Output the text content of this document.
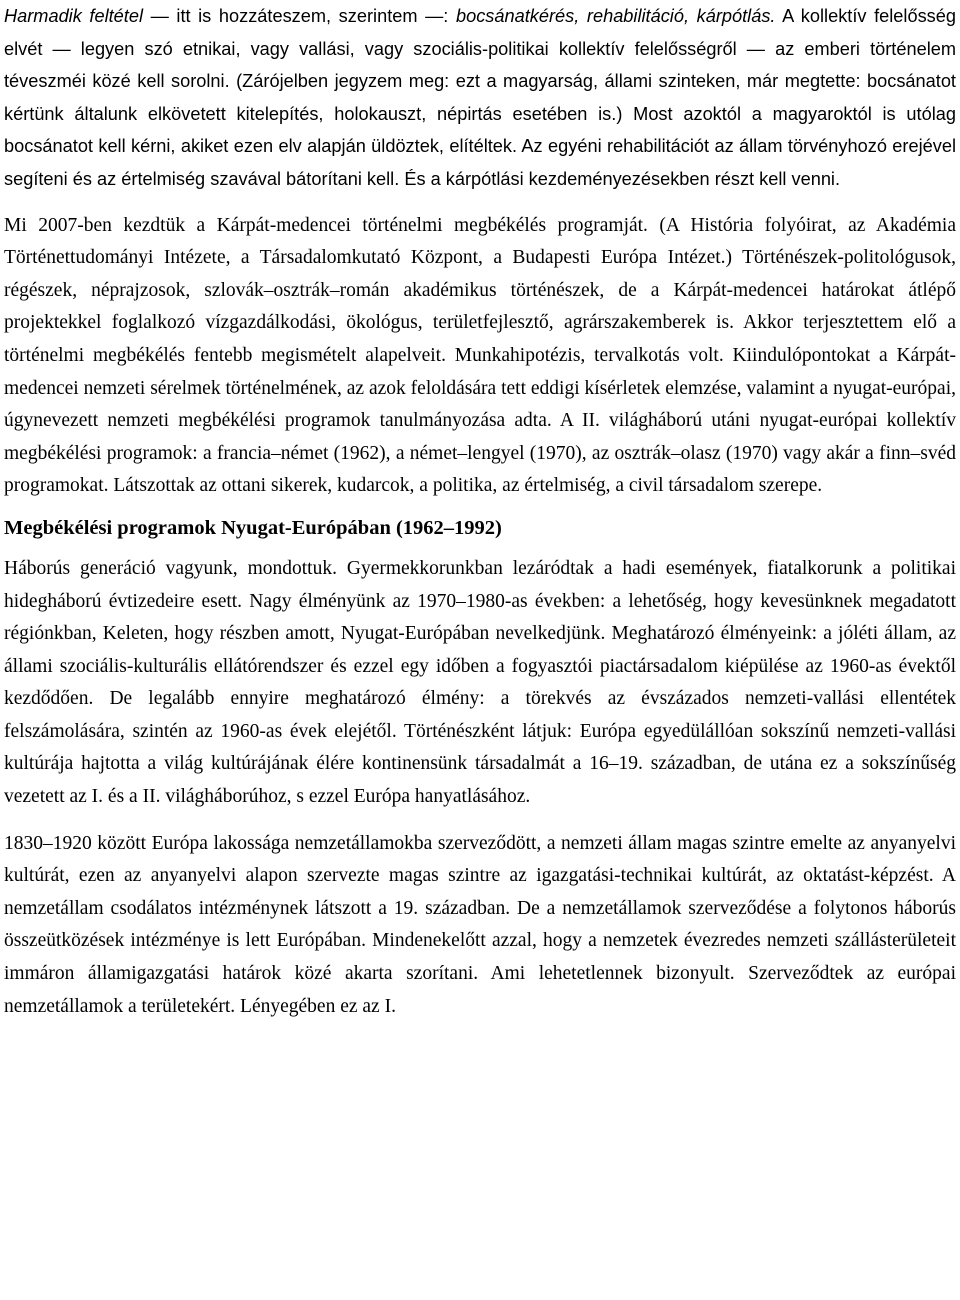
Harmadik feltétel — itt is hozzáteszem, szerintem —: bocsánatkérés, rehabilitáció, kárpótlás. A kollektív felelősség elvét — legyen szó etnikai, vagy vallási, vagy szociális-politikai kollektív felelősségről — az emberi történelem téveszméi közé kell sorolni. (Zárójelben jegyzem meg: ezt a magyarság, állami szinteken, már megtette: bocsánatot kértünk általunk elkövetett kitelepítés, holokauszt, népirtás esetében is.) Most azoktól a magyaroktól is utólag bocsánatot kell kérni, akiket ezen elv alapján üldöztek, elítéltek. Az egyéni rehabilitációt az állam törvényhozó erejével segíteni és az értelmiség szavával bátorítani kell. És a kárpótlási kezdeményezésekben részt kell venni.

Mi 2007-ben kezdtük a Kárpát-medencei történelmi megbékélés programját. (A História folyóirat, az Akadémia Történettudományi Intézete, a Társadalomkutató Központ, a Budapesti Európa Intézet.) Történészek-politológusok, régészek, néprajzosok, szlovák–osztrák–román akadémikus történészek, de a Kárpát-medencei határokat átlépő projektekkel foglalkozó vízgazdálkodási, ökológus, területfejlesztő, agrárszakemberek is. Akkor terjesztettem elő a történelmi megbékélés fentebb megismételt alapelveit. Munkahipotézis, tervalkotás volt. Kiindulópontokat a Kárpát-medencei nemzeti sérelmek történelmének, az azok feloldására tett eddigi kísérletek elemzése, valamint a nyugat-európai, úgynevezett nemzeti megbékélési programok tanulmányozása adta. A II. világháború utáni nyugat-európai kollektív megbékélési programok: a francia–német (1962), a német–lengyel (1970), az osztrák–olasz (1970) vagy akár a finn–svéd programokat. Látszottak az ottani sikerek, kudarcok, a politika, az értelmiség, a civil társadalom szerepe.

Megbékélési programok Nyugat-Európában (1962–1992)

Háborús generáció vagyunk, mondottuk. Gyermekkorunkban lezáródtak a hadi események, fiatalkorunk a politikai hidegháború évtizedeire esett. Nagy élményünk az 1970–1980-as években: a lehetőség, hogy kevesünknek megadatott régiónkban, Keleten, hogy részben amott, Nyugat-Európában nevelkedjünk. Meghatározó élményeink: a jóléti állam, az állami szociális-kulturális ellátórendszer és ezzel egy időben a fogyasztói piactársadalom kiépülése az 1960-as évektől kezdődően. De legalább ennyire meghatározó élmény: a törekvés az évszázados nemzeti-vallási ellentétek felszámolására, szintén az 1960-as évek elejétől. Történészként látjuk: Európa egyedülállóan sokszínű nemzeti-vallási kultúrája hajtotta a világ kultúrájának élére kontinensünk társadalmát a 16–19. században, de utána ez a sokszínűség vezetett az I. és a II. világháborúhoz, s ezzel Európa hanyatlásához.

1830–1920 között Európa lakossága nemzetállamokba szerveződött, a nemzeti állam magas szintre emelte az anyanyelvi kultúrát, ezen az anyanyelvi alapon szervezte magas szintre az igazgatási-technikai kultúrát, az oktatást-képzést. A nemzetállam csodálatos intézménynek látszott a 19. században. De a nemzetállamok szerveződése a folytonos háborús összeütközések intézménye is lett Európában. Mindenekelőtt azzal, hogy a nemzetek évezredes nemzeti szállásterületeit immáron államigazgatási határok közé akarta szorítani. Ami lehetetlennek bizonyult. Szerveződtek az európai nemzetállamok a területekért. Lényegében ez az I.
